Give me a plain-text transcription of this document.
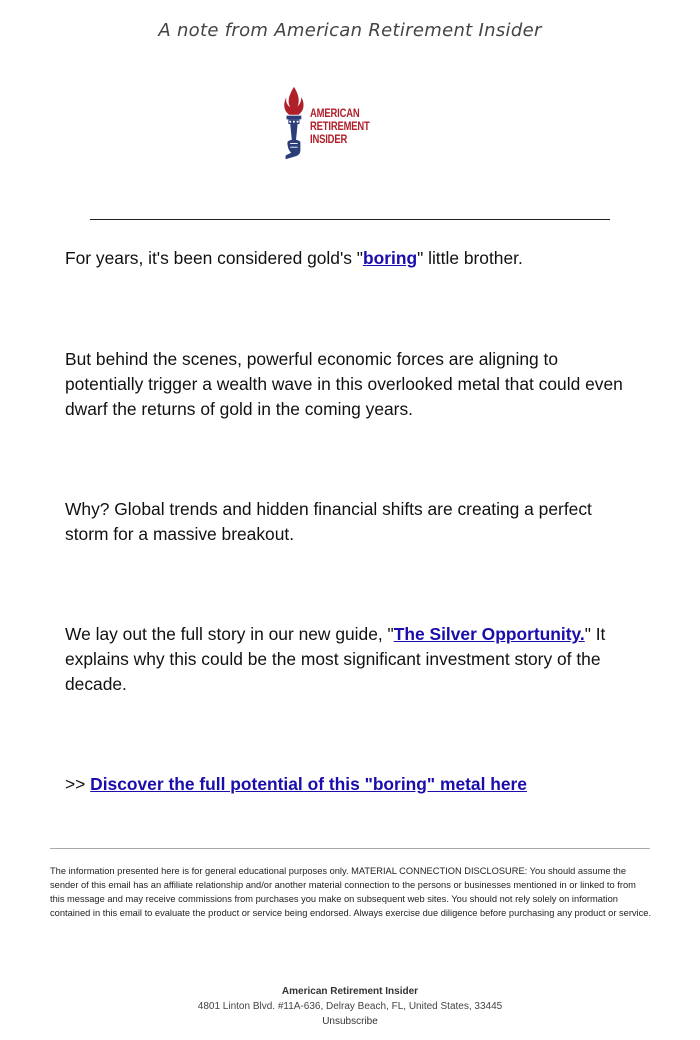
A note from American Retirement Insider
AMERICAN
RETIREMENT INSIDER

For years, it's been considered gold's "boring" little brother.

But behind the scenes, powerful economic forces are aligning to potentially trigger a wealth wave in this overlooked metal that could even dwarf the returns of gold in the coming years.

Why? Global trends and hidden financial shifts are creating a perfect storm for a massive breakout.

We lay out the full story in our new guide, "The Silver Opportunity." It explains why this could be the most significant investment story of the decade.

>> Discover the full potential of this "boring" metal here

The information presented here is for general educational purposes only. MATERIAL CONNECTION DISCLOSURE: You should assume the sender of this email has an affiliate relationship and/or another material connection to the persons or businesses mentioned in or linked to from this message and may receive commissions from purchases you make on subsequent web sites. You should not rely solely on information contained in this email to evaluate the product or service being endorsed. Always exercise due diligence before purchasing any product or service.

American Retirement Insider
4801 Linton Blvd. #11A-636, Delray Beach, FL, United States, 33445
Unsubscribe
